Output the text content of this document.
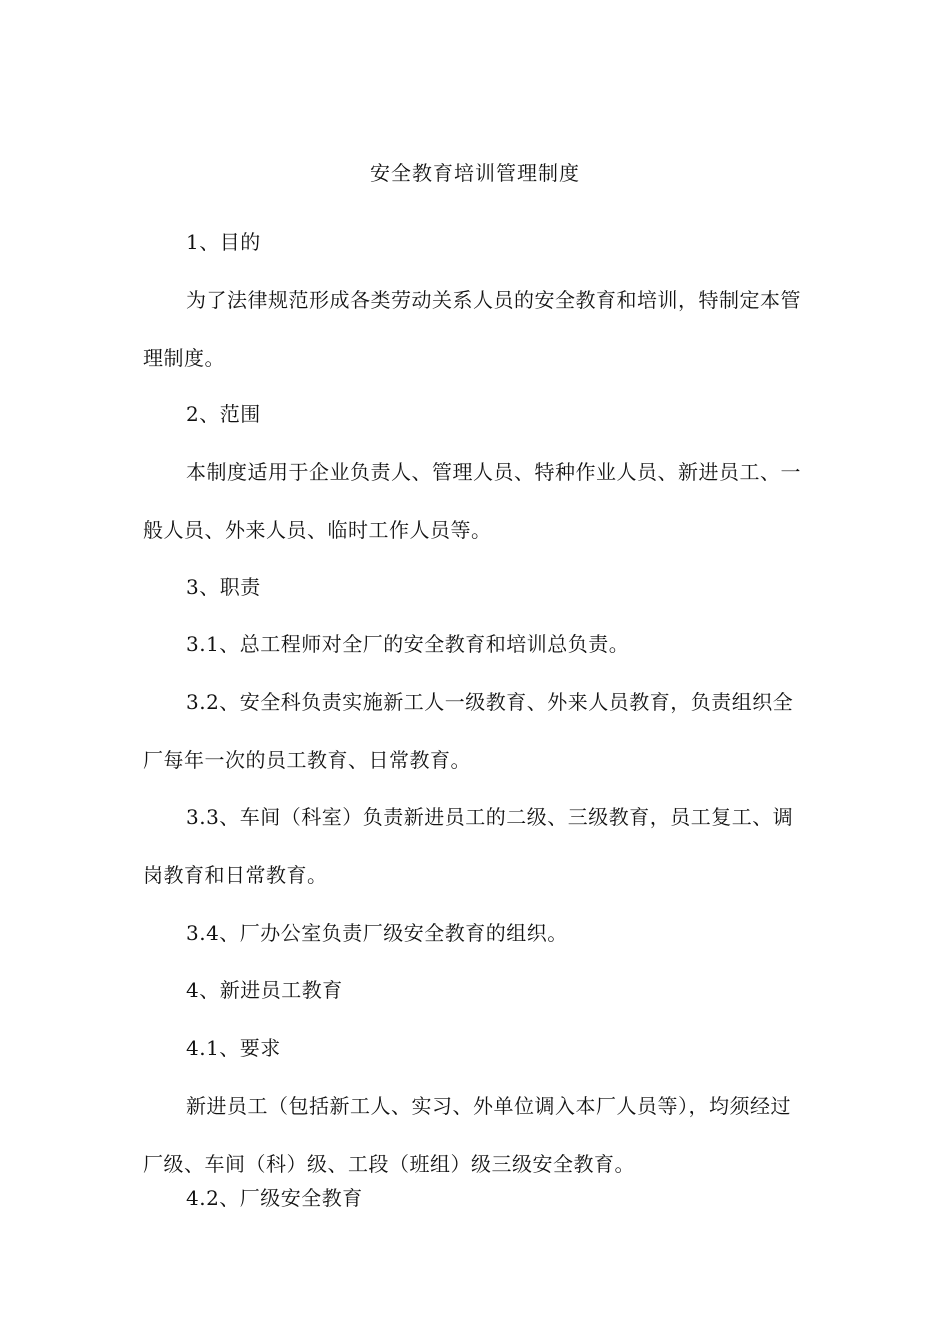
安全教育培训管理制度
1、目的
为了法律规范形成各类劳动关系人员的安全教育和培训，特制定本管
理制度。
2、范围
本制度适用于企业负责人、管理人员、特种作业人员、新进员工、一
般人员、外来人员、临时工作人员等。
3、职责
3.1、总工程师对全厂的安全教育和培训总负责。
3.2、安全科负责实施新工人一级教育、外来人员教育，负责组织全
厂每年一次的员工教育、日常教育。
3.3、车间（科室）负责新进员工的二级、三级教育，员工复工、调
岗教育和日常教育。
3.4、厂办公室负责厂级安全教育的组织。
4、新进员工教育
4.1、要求
新进员工（包括新工人、实习、外单位调入本厂人员等），均须经过
厂级、车间（科）级、工段（班组）级三级安全教育。
4.2、厂级安全教育
